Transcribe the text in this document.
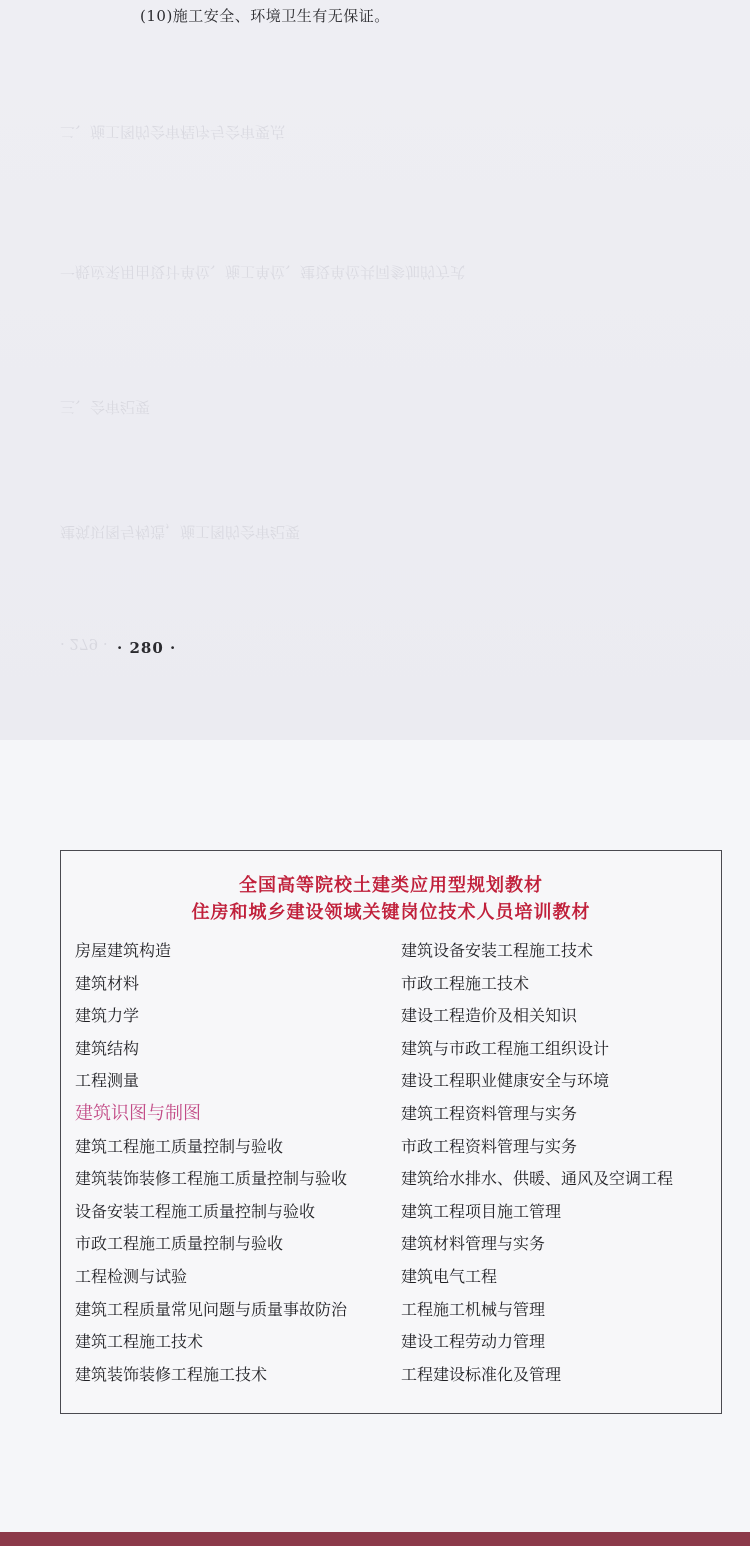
二、施工图的会审程序与会审要点
一般应采用由设计单位、施工单位、建设单位共同参加的方式
三、会审纪要
建筑识图与构造，施工图的会审纪要
· 279 ·
(10)施工安全、环境卫生有无保证。
· 280 ·
全国高等院校土建类应用型规划教材
住房和城乡建设领域关键岗位技术人员培训教材
房屋建筑构造
建筑材料
建筑力学
建筑结构
工程测量
建筑识图与制图
建筑工程施工质量控制与验收
建筑装饰装修工程施工质量控制与验收
设备安装工程施工质量控制与验收
市政工程施工质量控制与验收
工程检测与试验
建筑工程质量常见问题与质量事故防治
建筑工程施工技术
建筑装饰装修工程施工技术
建筑设备安装工程施工技术
市政工程施工技术
建设工程造价及相关知识
建筑与市政工程施工组织设计
建设工程职业健康安全与环境
建筑工程资料管理与实务
市政工程资料管理与实务
建筑给水排水、供暖、通风及空调工程
建筑工程项目施工管理
建筑材料管理与实务
建筑电气工程
工程施工机械与管理
建设工程劳动力管理
工程建设标准化及管理
